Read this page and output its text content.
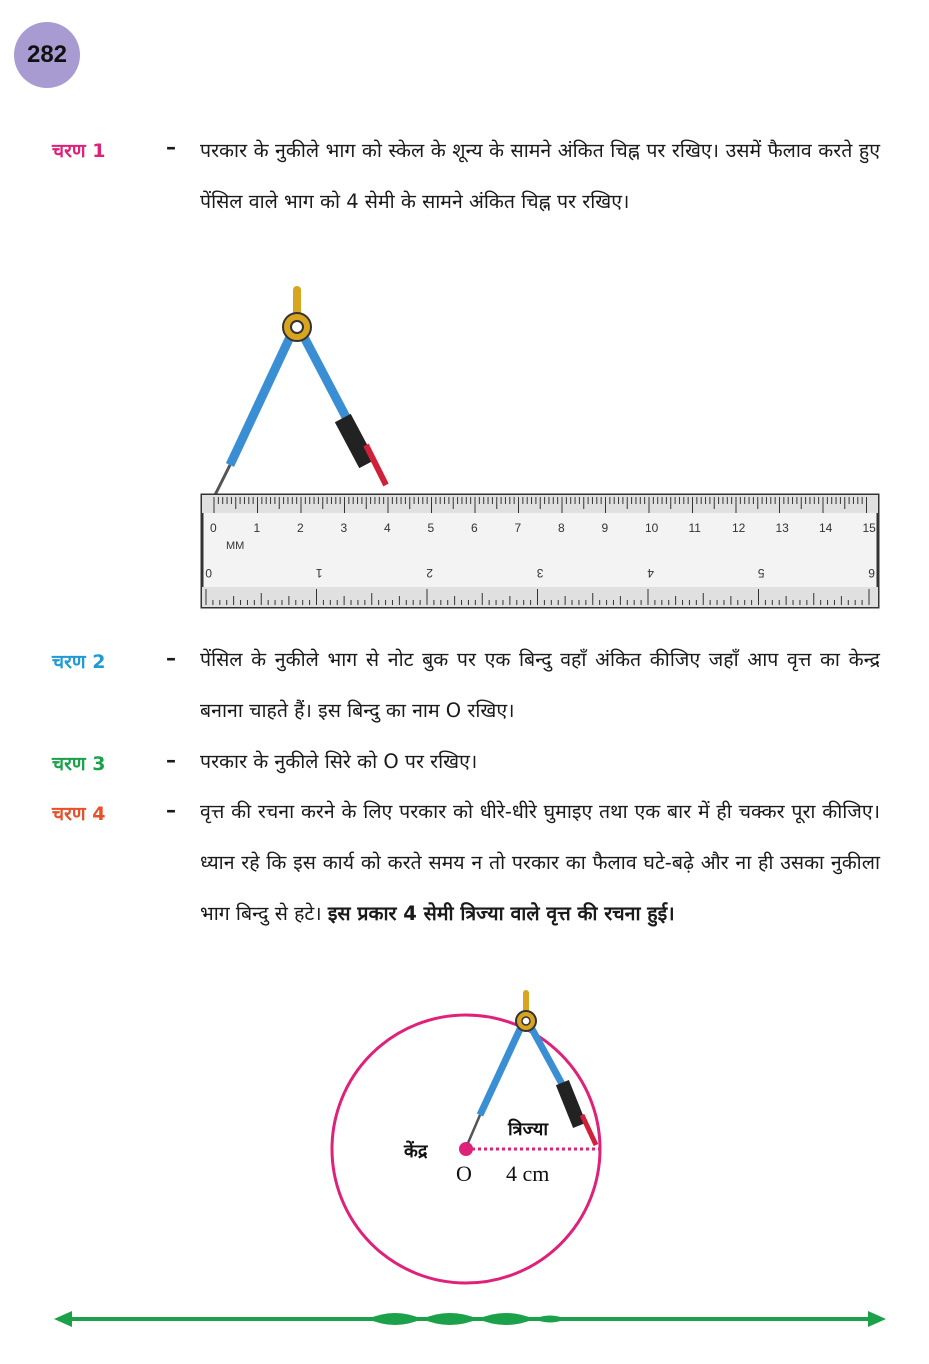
282
चरण 1	– परकार के नुकीले भाग को स्केल के शून्य के सामने अंकित चिह्न पर रखिए। उसमें फैलाव करते हुए पेंसिल वाले भाग को 4 सेमी के सामने अंकित चिह्न पर रखिए।
0	1	2	3	4	5	6	7	8	9	10	11	12	13	14	15
0	1	2	3	4	5	6
MM
चरण 2	– पेंसिल के नुकीले भाग से नोट बुक पर एक बिन्दु वहाँ अंकित कीजिए जहाँ आप वृत्त का केन्द्र बनाना चाहते हैं। इस बिन्दु का नाम O रखिए।
चरण 3	– परकार के नुकीले सिरे को O पर रखिए।
चरण 4	– वृत्त की रचना करने के लिए परकार को धीरे-धीरे घुमाइए तथा एक बार में ही चक्कर पूरा कीजिए। ध्यान रहे कि इस कार्य को करते समय न तो परकार का फैलाव घटे-बढ़े और ना ही उसका नुकीला भाग बिन्दु से हटे। इस प्रकार 4 सेमी त्रिज्या वाले वृत्त की रचना हुई।
केंद्र
O
त्रिज्या
4 cm
